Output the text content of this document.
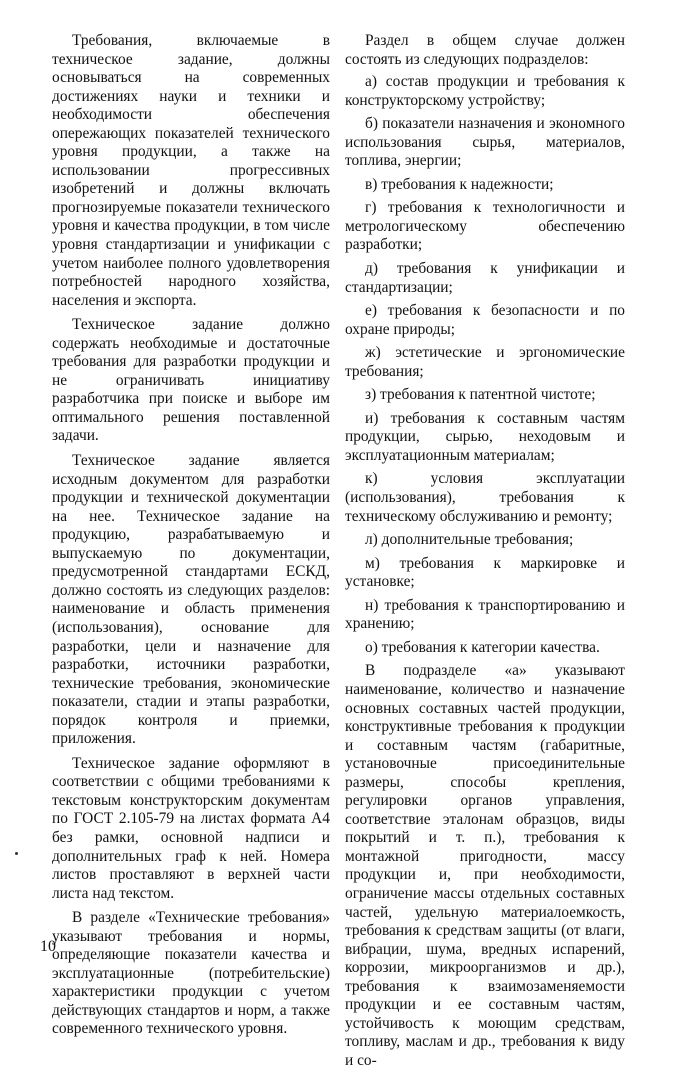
Требования, включаемые в техническое задание, должны основываться на современных достижениях науки и техники и необходимости обеспечения опережающих показателей технического уровня продукции, а также на использовании прогрессивных изобретений и должны включать прогнозируемые показатели технического уровня и качества продукции, в том числе уровня стандартизации и унификации с учетом наиболее полного удовлетворения потребностей народного хозяйства, населения и экспорта.

Техническое задание должно содержать необходимые и достаточные требования для разработки продукции и не ограничивать инициативу разработчика при поиске и выборе им оптимального решения поставленной задачи.

Техническое задание является исходным документом для разработки продукции и технической документации на нее. Техническое задание на продукцию, разрабатываемую и выпускаемую по документации, предусмотренной стандартами ЕСКД, должно состоять из следующих разделов: наименование и область применения (использования), основание для разработки, цели и назначение для разработки, источники разработки, технические требования, экономические показатели, стадии и этапы разработки, порядок контроля и приемки, приложения.

Техническое задание оформляют в соответствии с общими требованиями к текстовым конструкторским документам по ГОСТ 2.105-79 на листах формата А4 без рамки, основной надписи и дополнительных граф к ней. Номера листов проставляют в верхней части листа над текстом.

В разделе «Технические требования» указывают требования и нормы, определяющие показатели качества и эксплуатационные (потребительские) характеристики продукции с учетом действующих стандартов и норм, а также современного технического уровня.

Раздел в общем случае должен состоять из следующих подразделов:

а) состав продукции и требования к конструкторскому устройству;

б) показатели назначения и экономного использования сырья, материалов, топлива, энергии;

в) требования к надежности;

г) требования к технологичности и метрологическому обеспечению разработки;

д) требования к унификации и стандартизации;

е) требования к безопасности и по охране природы;

ж) эстетические и эргономические требования;

з) требования к патентной чистоте;

и) требования к составным частям продукции, сырью, неходовым и эксплуатационным материалам;

к) условия эксплуатации (использования), требования к техническому обслуживанию и ремонту;

л) дополнительные требования;

м) требования к маркировке и установке;

н) требования к транспортированию и хранению;

о) требования к категории качества.

В подразделе «а» указывают наименование, количество и назначение основных составных частей продукции, конструктивные требования к продукции и составным частям (габаритные, установочные присоединительные размеры, способы крепления, регулировки органов управления, соответствие эталонам образцов, виды покрытий и т. п.), требования к монтажной пригодности, массу продукции и, при необходимости, ограничение массы отдельных составных частей, удельную материалоемкость, требования к средствам защиты (от влаги, вибрации, шума, вредных испарений, коррозии, микроорганизмов и др.), требования к взаимозаменяемости продукции и ее составным частям, устойчивость к моющим средствам, топливу, маслам и др., требования к виду и со-

10
